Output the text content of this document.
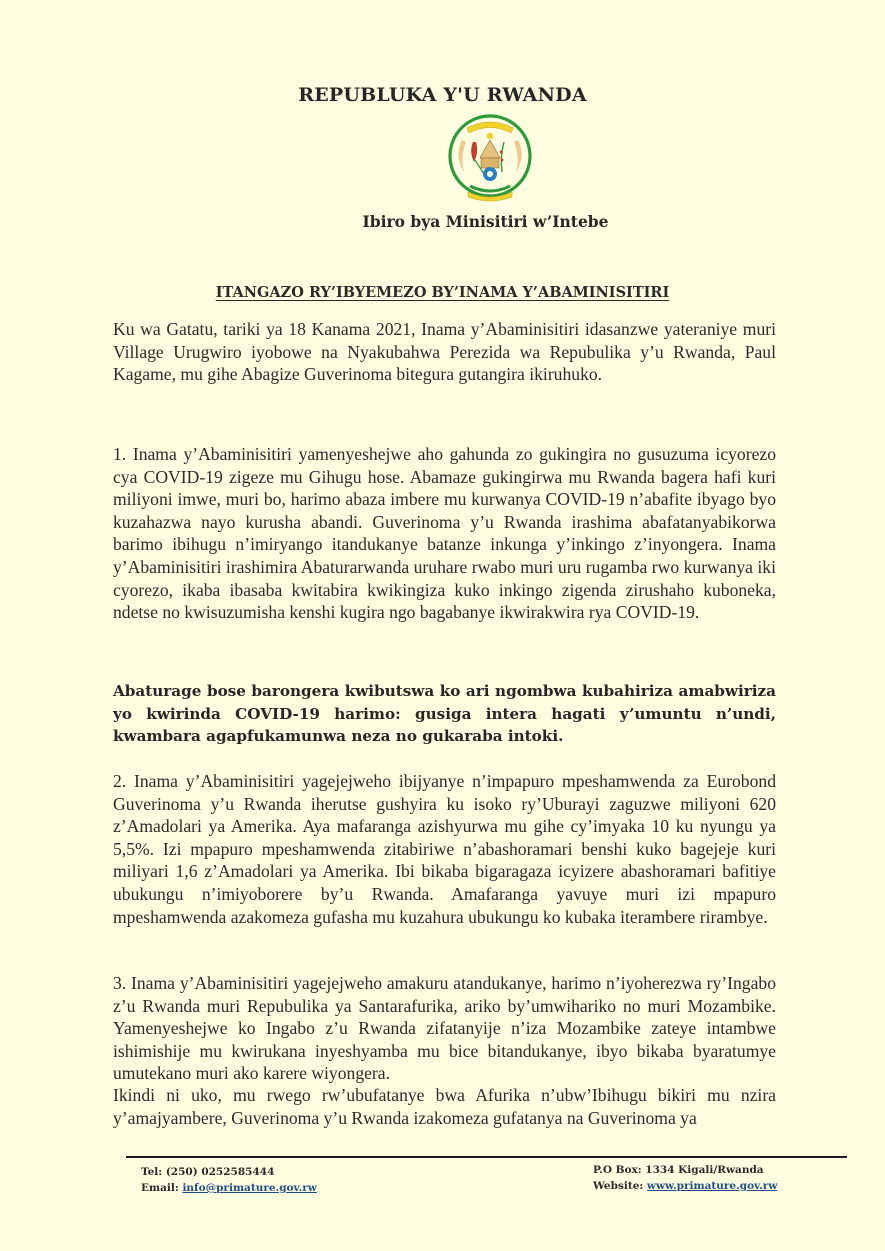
REPUBLUKA Y'U RWANDA
Ibiro bya Minisitiri w’Intebe
ITANGAZO RY’IBYEMEZO BY’INAMA Y’ABAMINISITIRI
Ku wa Gatatu, tariki ya 18 Kanama 2021, Inama y’Abaminisitiri idasanzwe yateraniye muri Village Urugwiro iyobowe na Nyakubahwa Perezida wa Repubulika y’u Rwanda, Paul Kagame, mu gihe Abagize Guverinoma bitegura gutangira ikiruhuko.
1. Inama y’Abaminisitiri yamenyeshejwe aho gahunda zo gukingira no gusuzuma icyorezo cya COVID-19 zigeze mu Gihugu hose. Abamaze gukingirwa mu Rwanda bagera hafi kuri miliyoni imwe, muri bo, harimo abaza imbere mu kurwanya COVID-19 n’abafite ibyago byo kuzahazwa nayo kurusha abandi. Guverinoma y’u Rwanda irashima abafatanyabikorwa barimo ibihugu n’imiryango itandukanye batanze inkunga y’inkingo z’inyongera. Inama y’Abaminisitiri irashimira Abaturarwanda uruhare rwabo muri uru rugamba rwo kurwanya iki cyorezo, ikaba ibasaba kwitabira kwikingiza kuko inkingo zigenda zirushaho kuboneka, ndetse no kwisuzumisha kenshi kugira ngo bagabanye ikwirakwira rya COVID-19.
Abaturage bose barongera kwibutswa ko ari ngombwa kubahiriza amabwiriza yo kwirinda COVID-19 harimo: gusiga intera hagati y’umuntu n’undi, kwambara agapfukamunwa neza no gukaraba intoki.
2. Inama y’Abaminisitiri yagejejweho ibijyanye n’impapuro mpeshamwenda za Eurobond Guverinoma y’u Rwanda iherutse gushyira ku isoko ry’Uburayi zaguzwe miliyoni 620 z’Amadolari ya Amerika. Aya mafaranga azishyurwa mu gihe cy’imyaka 10 ku nyungu ya 5,5%. Izi mpapuro mpeshamwenda zitabiriwe n’abashoramari benshi kuko bagejeje kuri miliyari 1,6 z’Amadolari ya Amerika. Ibi bikaba bigaragaza icyizere abashoramari bafitiye ubukungu n’imiyoborere by’u Rwanda. Amafaranga yavuye muri izi mpapuro mpeshamwenda azakomeza gufasha mu kuzahura ubukungu ko kubaka iterambere rirambye.
3. Inama y’Abaminisitiri yagejejweho amakuru atandukanye, harimo n’iyoherezwa ry’Ingabo z’u Rwanda muri Repubulika ya Santarafurika, ariko by’umwihariko no muri Mozambike. Yamenyeshejwe ko Ingabo z’u Rwanda zifatanyije n’iza Mozambike zateye intambwe ishimishije mu kwirukana inyeshyamba mu bice bitandukanye, ibyo bikaba byaratumye umutekano muri ako karere wiyongera.
Ikindi ni uko, mu rwego rw’ubufatanye bwa Afurika n’ubw’Ibihugu bikiri mu nzira y’amajyambere, Guverinoma y’u Rwanda izakomeza gufatanya na Guverinoma ya
Tel: (250) 0252585444
Email: info@primature.gov.rw
P.O Box: 1334 Kigali/Rwanda
Website: www.primature.gov.rw
